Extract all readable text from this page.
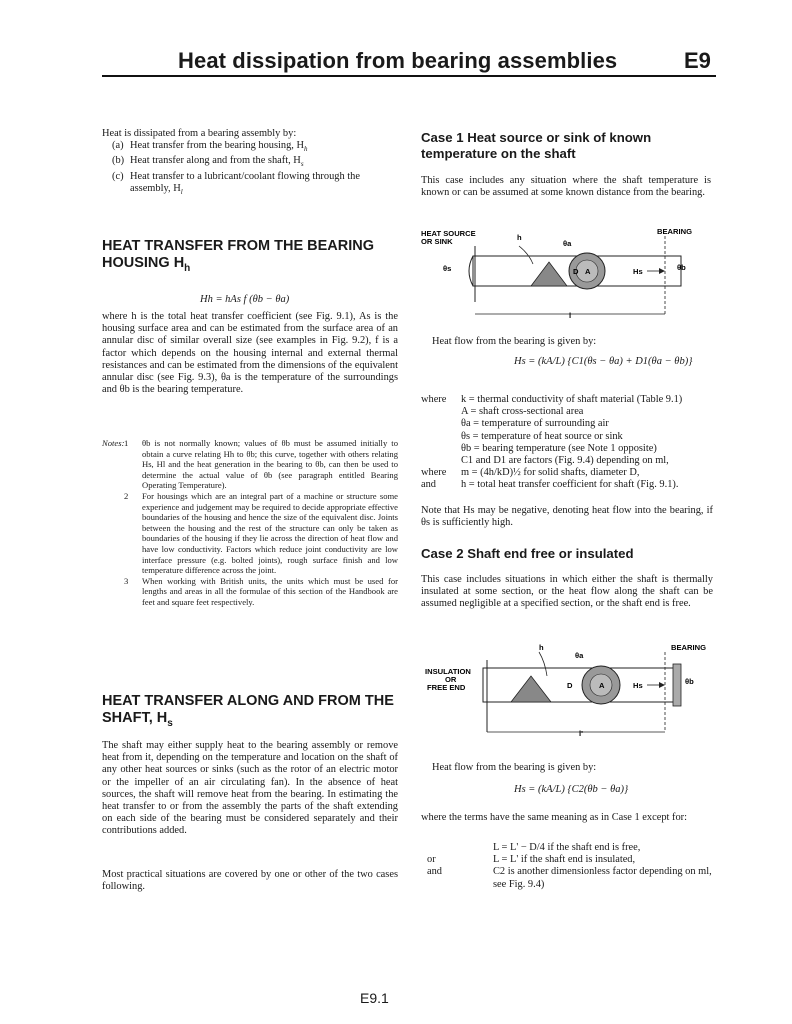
Heat dissipation from bearing assemblies	E9

Heat is dissipated from a bearing assembly by:

(a) Heat transfer from the bearing housing, $H_h$
(b) Heat transfer along and from the shaft, $H_s$
(c) Heat transfer to a lubricant/coolant flowing through the assembly, $H_l$
HEAT TRANSFER FROM THE BEARING HOUSING $H_h$
Hh = hAs f (θb − θa)
where h is the total heat transfer coefficient (see Fig. 9.1), As is the housing surface area and can be estimated from the surface area of an annular disc of similar overall size (see examples in Fig. 9.2), f is a factor which depends on the housing internal and external thermal resistances and can be estimated from the dimensions of the equivalent annular disc (see Fig. 9.3), θa is the temperature of the surroundings and θb is the bearing temperature.
Notes: 1 θb is not normally known; values of θb must be assumed initially to obtain a curve relating Hh to θb; this curve, together with others relating Hs, Hl and the heat generation in the bearing to θb, can then be used to determine the actual value of θb (see paragraph entitled Bearing Operating Temperature).
2 For housings which are an integral part of a machine or structure some experience and judgement may be required to decide appropriate effective boundaries of the housing and hence the size of the equivalent disc. Joints between the housing and the rest of the structure can only be taken as boundaries of the housing if they lie across the direction of heat flow and have low conductivity. Factors which reduce joint conductivity are low interface pressure (e.g. bolted joints), rough surface finish and low temperature difference across the joint.
3 When working with British units, the units which must be used for lengths and areas in all the formulae of this section of the Handbook are feet and square feet respectively.
HEAT TRANSFER ALONG AND FROM THE SHAFT, $H_s$
The shaft may either supply heat to the bearing assembly or remove heat from it, depending on the temperature and location on the shaft of any other heat sources or sinks (such as the rotor of an electric motor or the impeller of an air circulating fan). In the absence of heat sources, the shaft will remove heat from the bearing. In estimating the heat transfer to or from the assembly the parts of the shaft extending on each side of the bearing must be considered separately and their contributions added.
Most practical situations are covered by one or other of the two cases following.
Case 1 Heat source or sink of known temperature on the shaft
This case includes any situation where the shaft temperature is known or can be assumed at some known distance from the bearing.
HEAT SOURCE
OR SINK
BEARING
h
θa
θs	D A	Hs	θb
l
Heat flow from the bearing is given by:
Hs = (kA/L) {C1(θs − θa) + D1(θa − θb)}
where k = thermal conductivity of shaft material (Table 9.1)
A = shaft cross-sectional area
θa = temperature of surrounding air
θs = temperature of heat source or sink
θb = bearing temperature (see Note 1 opposite)
C1 and D1 are factors (Fig. 9.4) depending on ml,
where m = (4h/kD)½ for solid shafts, diameter D,
and h = total heat transfer coefficient for shaft (Fig. 9.1).
Note that Hs may be negative, denoting heat flow into the bearing, if θs is sufficiently high.
Case 2 Shaft end free or insulated
This case includes situations in which either the shaft is thermally insulated at some section, or the heat flow along the shaft can be assumed negligible at a specified section, or the shaft end is free.
INSULATION
OR
FREE END
BEARING
h
θa
D	A	Hs	θb
l'
Heat flow from the bearing is given by:
Hs = (kA/L) {C2(θb − θa)}
where the terms have the same meaning as in Case 1 except for:
L = L' − D/4 if the shaft end is free,
or	L = L' if the shaft end is insulated,
and	C2 is another dimensionless factor depending on ml, see Fig. 9.4)
E9.1
